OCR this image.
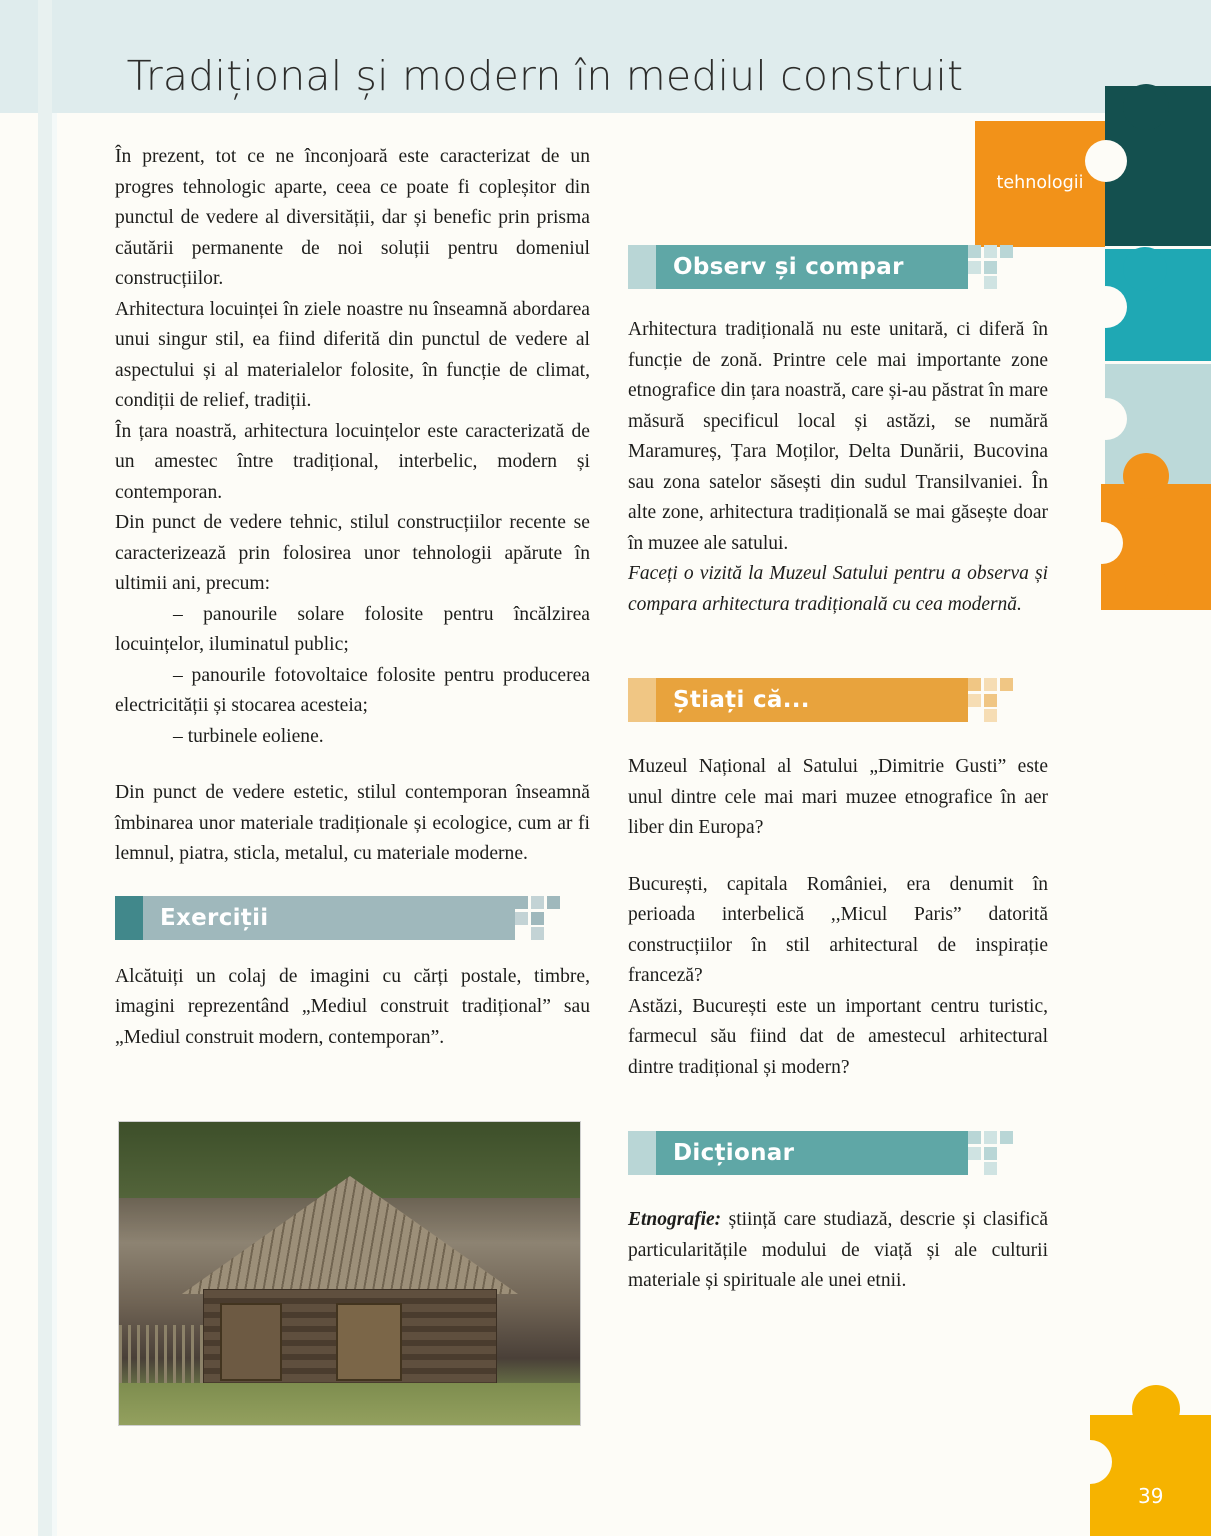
Tradițional și modern în mediul construit

În prezent, tot ce ne înconjoară este caracterizat de un progres tehnologic aparte, ceea ce poate fi copleșitor din punctul de vedere al diversității, dar și benefic prin prisma căutării permanente de noi soluții pentru domeniul construcțiilor.

Arhitectura locuinței în ziele noastre nu înseamnă abordarea unui singur stil, ea fiind diferită din punctul de vedere al aspectului și al materialelor folosite, în funcție de climat, condiții de relief, tradiții.

În țara noastră, arhitectura locuințelor este caracterizată de un amestec între tradițional, interbelic, modern și contemporan.

Din punct de vedere tehnic, stilul construcțiilor recente se caracterizează prin folosirea unor tehnologii apărute în ultimii ani, precum:

– panourile solare folosite pentru încălzirea locuințelor, iluminatul public;

– panourile fotovoltaice folosite pentru producerea electricității și stocarea acesteia;

– turbinele eoliene.

Din punct de vedere estetic, stilul contemporan înseamnă îmbinarea unor materiale tradiționale și ecologice, cum ar fi lemnul, piatra, sticla, metalul, cu materiale moderne.

Exerciții

Alcătuiți un colaj de imagini cu cărți postale, timbre, imagini reprezentând „Mediul construit tradițional” sau „Mediul construit modern, contemporan”.

Observ și compar

Arhitectura tradițională nu este unitară, ci diferă în funcție de zonă. Printre cele mai importante zone etnografice din țara noastră, care și-au păstrat în mare măsură specificul local și astăzi, se numără Maramureș, Țara Moților, Delta Dunării, Bucovina sau zona satelor săsești din sudul Transilvaniei. În alte zone, arhitectura tradițională se mai găsește doar în muzee ale satului.

Faceți o vizită la Muzeul Satului pentru a observa și compara arhitectura tradițională cu cea modernă.

Știați că...

Muzeul Național al Satului „Dimitrie Gusti” este unul dintre cele mai mari muzee etnografice în aer liber din Europa?

București, capitala României, era denumit în perioada interbelică ,,Micul Paris” datorită construcțiilor în stil arhitectural de inspirație franceză?

Astăzi, București este un important centru turistic, farmecul său fiind dat de amestecul arhitectural dintre tradițional și modern?

Dicționar

Etnografie: știință care studiază, descrie și clasifică particularitățile modului de viață și ale culturii materiale și spirituale ale unei etnii.

tehnologii
39
